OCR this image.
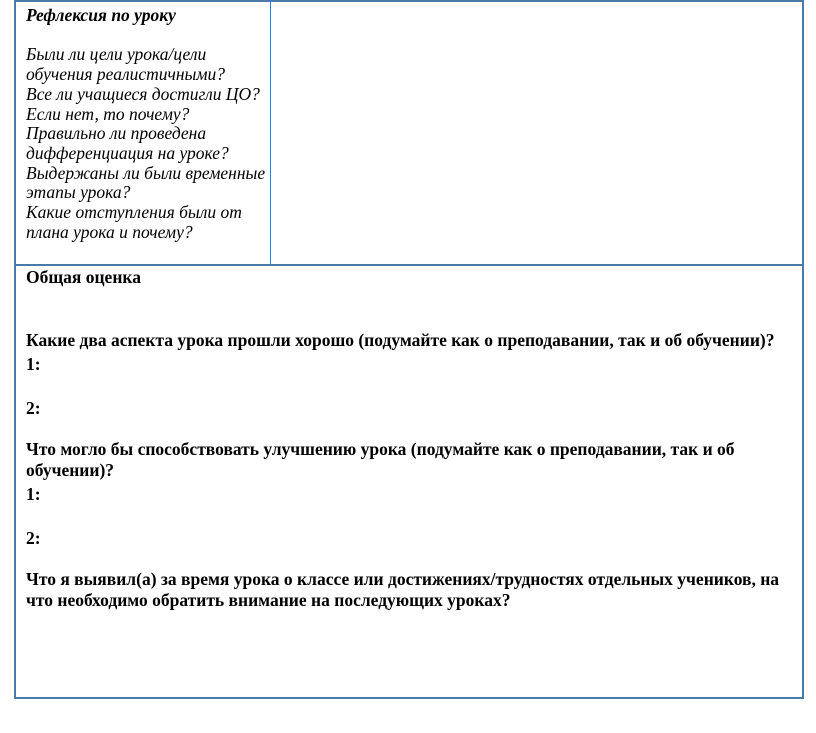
Рефлексия по уроку

Были ли цели урока/цели обучения реалистичными?

Все ли учащиеся достигли ЦО?

Если нет, то почему?

Правильно ли проведена дифференциация на уроке?

Выдержаны ли были временные этапы урока?

Какие отступления были от плана урока и почему?

Общая оценка

Какие два аспекта урока прошли хорошо (подумайте как о преподавании, так и об обучении)?

1:

2:

Что могло бы способствовать улучшению урока (подумайте как о преподавании, так и об обучении)?

1:

2:

Что я выявил(а) за время урока о классе или достижениях/трудностях отдельных учеников, на что необходимо обратить внимание на последующих уроках?
